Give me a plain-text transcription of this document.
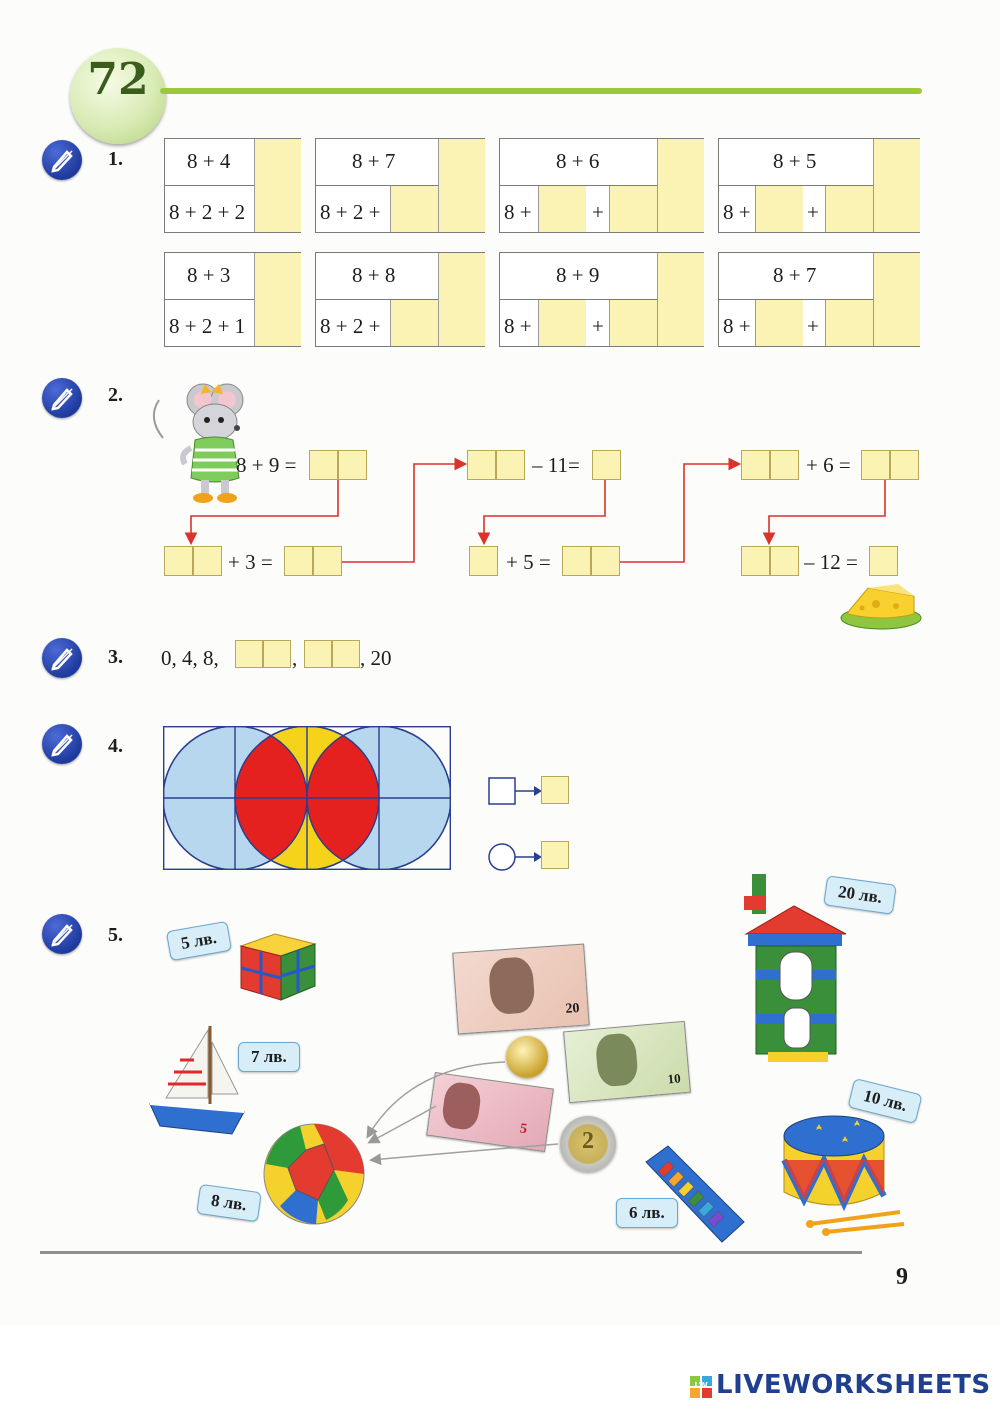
72
1.
2.
3.
4.
5.
8 + 4
8 + 2 + 2
8 + 7
8 + 2 +
8 + 6
8 +	+
8 + 5
8 +	+
8 + 3
8 + 2 + 1
8 + 8
8 + 2 +
8 + 9
8 +	+
8 + 7
8 +	+
8 + 9 =
+ 3 =
– 11=
+ 5 =
+ 6 =
– 12 =
0, 4, 8,	,	, 20
5 лв.
7 лв.
8 лв.
20
10
5	2
20 лв.
6 лв.
10 лв.
9
LW LIVEWORKSHEETS
